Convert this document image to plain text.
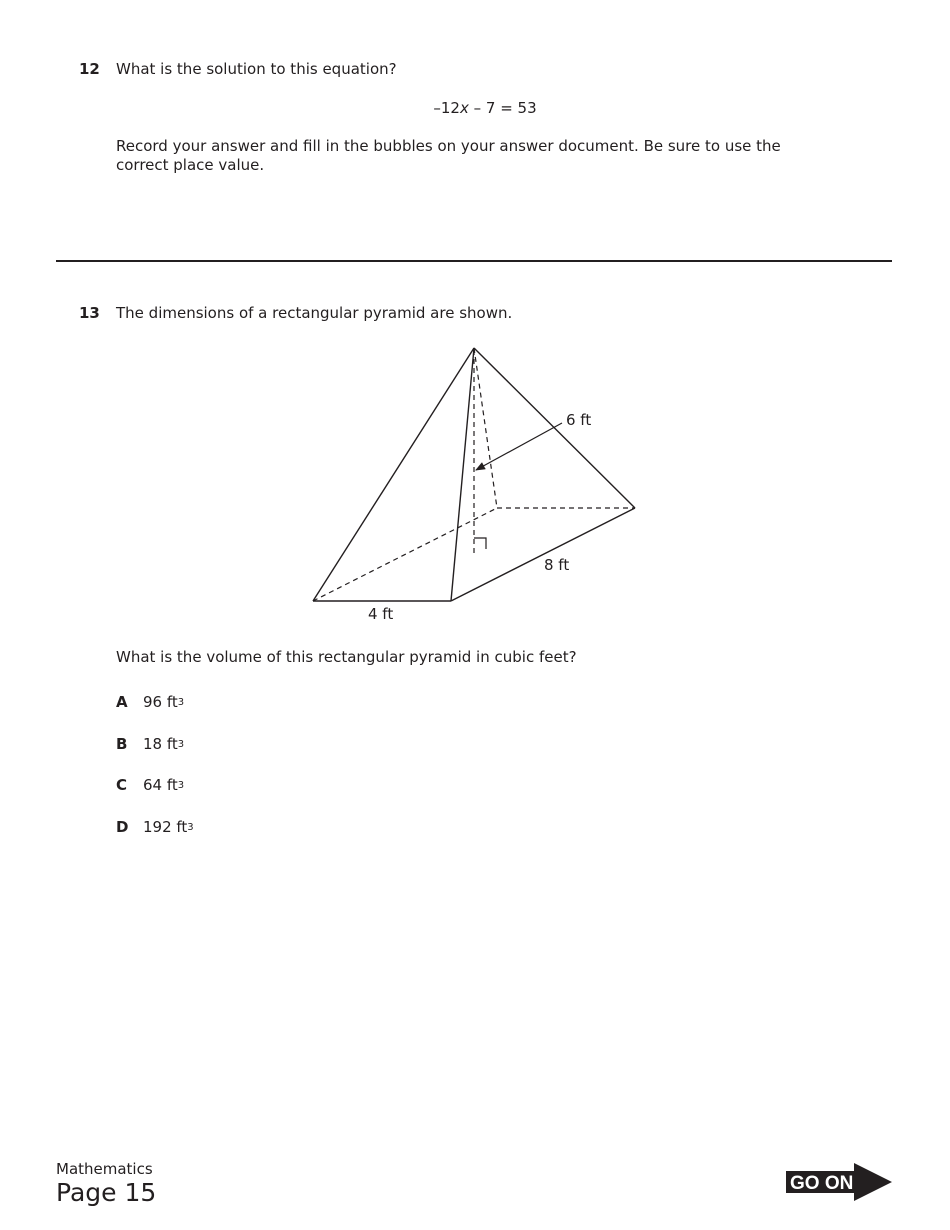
12 What is the solution to this equation?
–12x – 7 = 53
Record your answer and fill in the bubbles on your answer document. Be sure to use the
correct place value.
13 The dimensions of a rectangular pyramid are shown.
6 ft
8 ft
4 ft
What is the volume of this rectangular pyramid in cubic feet?
A	96 $ft^3$
B	18 $ft^3$
C	64 $ft^3$
D 192 $ft^3$
Mathematics
Page 15	GO ON
